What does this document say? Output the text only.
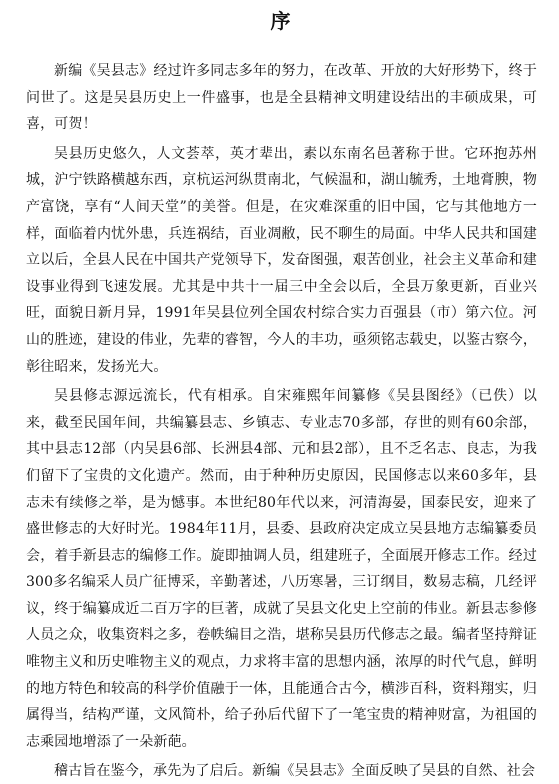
序

新编《吴县志》经过许多同志多年的努力，在改革、开放的大好形势下，终于问世了。这是吴县历史上一件盛事，也是全县精神文明建设结出的丰硕成果，可喜，可贺！

吴县历史悠久，人文荟萃，英才辈出，素以东南名邑著称于世。它环抱苏州城，沪宁铁路横越东西，京杭运河纵贯南北，气候温和，湖山毓秀，土地膏腴，物产富饶，享有“人间天堂”的美誉。但是，在灾难深重的旧中国，它与其他地方一样，面临着内忧外患，兵连祸结，百业凋敝，民不聊生的局面。中华人民共和国建立以后，全县人民在中国共产党领导下，发奋图强，艰苦创业，社会主义革命和建设事业得到飞速发展。尤其是中共十一届三中全会以后，全县万象更新，百业兴旺，面貌日新月异，1991年吴县位列全国农村综合实力百强县（市）第六位。河山的胜迹，建设的伟业，先辈的睿智，今人的丰功，亟须铭志载史，以鉴古察今，彰往昭来，发扬光大。

吴县修志源远流长，代有相承。自宋雍熙年间纂修《吴县图经》（已佚）以来，截至民国年间，共编纂县志、乡镇志、专业志70多部，存世的则有60余部，其中县志12部（内吴县6部、长洲县4部、元和县2部），且不乏名志、良志，为我们留下了宝贵的文化遗产。然而，由于种种历史原因，民国修志以来60多年，县志未有续修之举，是为憾事。本世纪80年代以来，河清海晏，国泰民安，迎来了盛世修志的大好时光。1984年11月，县委、县政府决定成立吴县地方志编纂委员会，着手新县志的编修工作。旋即抽调人员，组建班子，全面展开修志工作。经过300多名编采人员广征博采，辛勤著述，八历寒暑，三订纲目，数易志稿，几经评议，终于编纂成近二百万字的巨著，成就了吴县文化史上空前的伟业。新县志参修人员之众，收集资料之多，卷帙编目之浩，堪称吴县历代修志之最。编者坚持辩证唯物主义和历史唯物主义的观点，力求将丰富的思想内涵，浓厚的时代气息，鲜明的地方特色和较高的科学价值融于一体，且能通合古今，横涉百科，资料翔实，归属得当，结构严谨，文风简朴，给子孙后代留下了一笔宝贵的精神财富，为祖国的志乘园地增添了一朵新葩。

稽古旨在鉴今，承先为了启后。新编《吴县志》全面反映了吴县的自然、社会
